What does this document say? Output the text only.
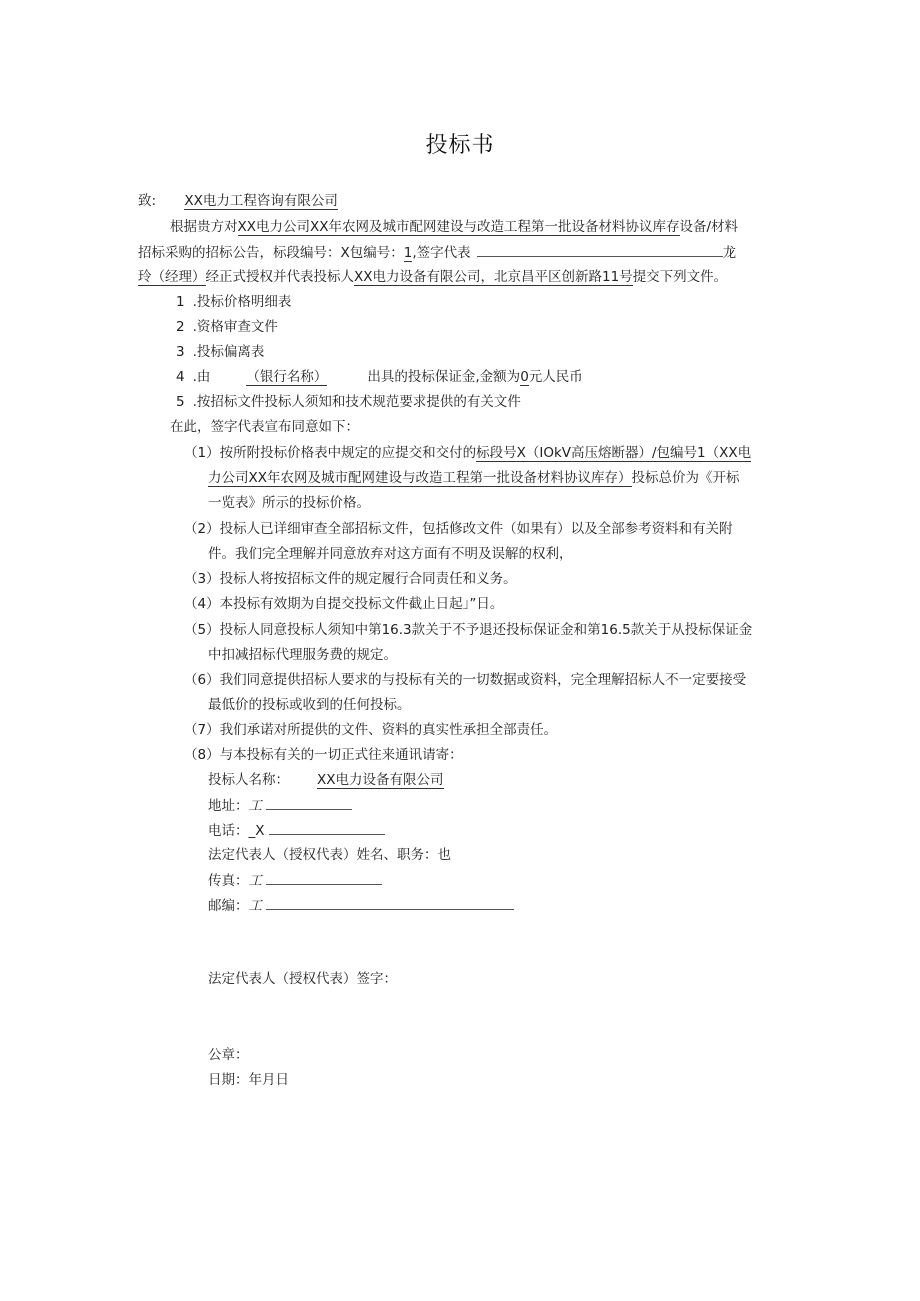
投标书
致: XX电力工程咨询有限公司
根据贵方对XX电力公司XX年农网及城市配网建设与改造工程第一批设备材料协议库存设备/材料
招标采购的招标公告，标段编号：X包编号：1,签字代表	龙
玲（经理）经正式授权并代表投标人XX电力设备有限公司，北京昌平区创新路11号提交下列文件。
1 .投标价格明细表
2 .资格审查文件
3 .投标偏离表
4 .由	（银行名称）	出具的投标保证金,金额为0元人民币
5 .按招标文件投标人须知和技术规范要求提供的有关文件
在此，签字代表宣布同意如下：
（1）按所附投标价格表中规定的应提交和交付的标段号X（IOkV高压熔断器）/包编号1（XX电
力公司XX年农网及城市配网建设与改造工程第一批设备材料协议库存）投标总价为《开标
一览表》所示的投标价格。
（2）投标人已详细审查全部招标文件，包括修改文件（如果有）以及全部参考资料和有关附
件。我们完全理解并同意放弃对这方面有不明及误解的权利，
（3）投标人将按招标文件的规定履行合同责任和义务。
（4）本投标有效期为自提交投标文件截止日起」”日。
（5）投标人同意投标人须知中第16.3款关于不予退还投标保证金和第16.5款关于从投标保证金
中扣减招标代理服务费的规定。
（6）我们同意提供招标人要求的与投标有关的一切数据或资料，完全理解招标人不一定要接受
最低价的投标或收到的任何投标。
（7）我们承诺对所提供的文件、资料的真实性承担全部责任。
（8）与本投标有关的一切正式往来通讯请寄：
投标人名称： XX电力设备有限公司
地址：工
电话：_X
法定代表人（授权代表）姓名、职务：也
传真：工
邮编：工
法定代表人（授权代表）签字：
公章：
日期：年月日
